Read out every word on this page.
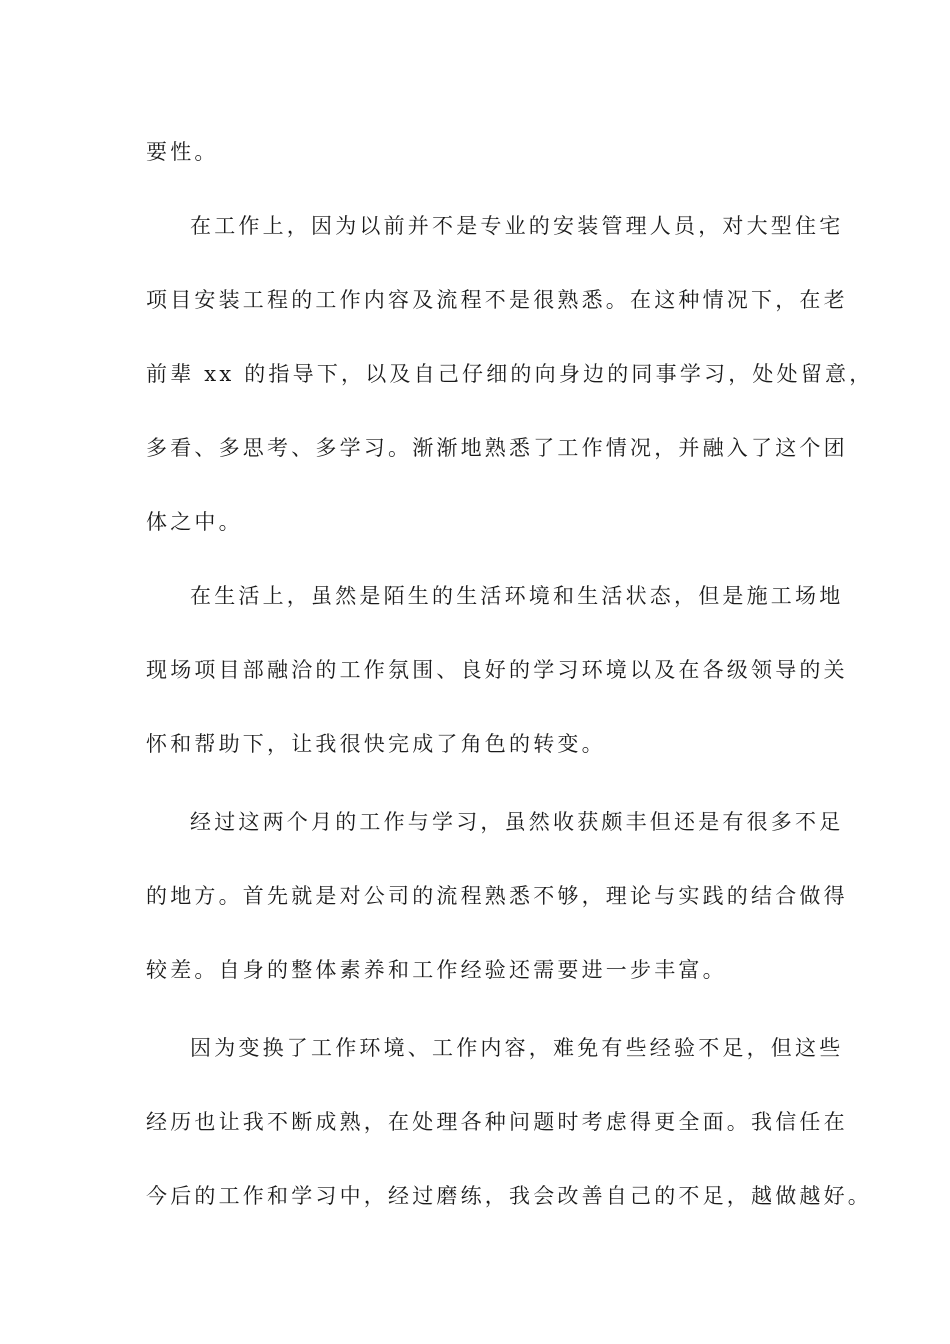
要性。
在工作上，因为以前并不是专业的安装管理人员，对大型住宅
项目安装工程的工作内容及流程不是很熟悉。在这种情况下，在老
前辈 xx 的指导下，以及自己仔细的向身边的同事学习，处处留意，
多看、多思考、多学习。渐渐地熟悉了工作情况，并融入了这个团
体之中。
在生活上，虽然是陌生的生活环境和生活状态，但是施工场地
现场项目部融洽的工作氛围、良好的学习环境以及在各级领导的关
怀和帮助下，让我很快完成了角色的转变。
经过这两个月的工作与学习，虽然收获颇丰但还是有很多不足
的地方。首先就是对公司的流程熟悉不够，理论与实践的结合做得
较差。自身的整体素养和工作经验还需要进一步丰富。
因为变换了工作环境、工作内容，难免有些经验不足，但这些
经历也让我不断成熟，在处理各种问题时考虑得更全面。我信任在
今后的工作和学习中，经过磨练，我会改善自己的不足，越做越好。
